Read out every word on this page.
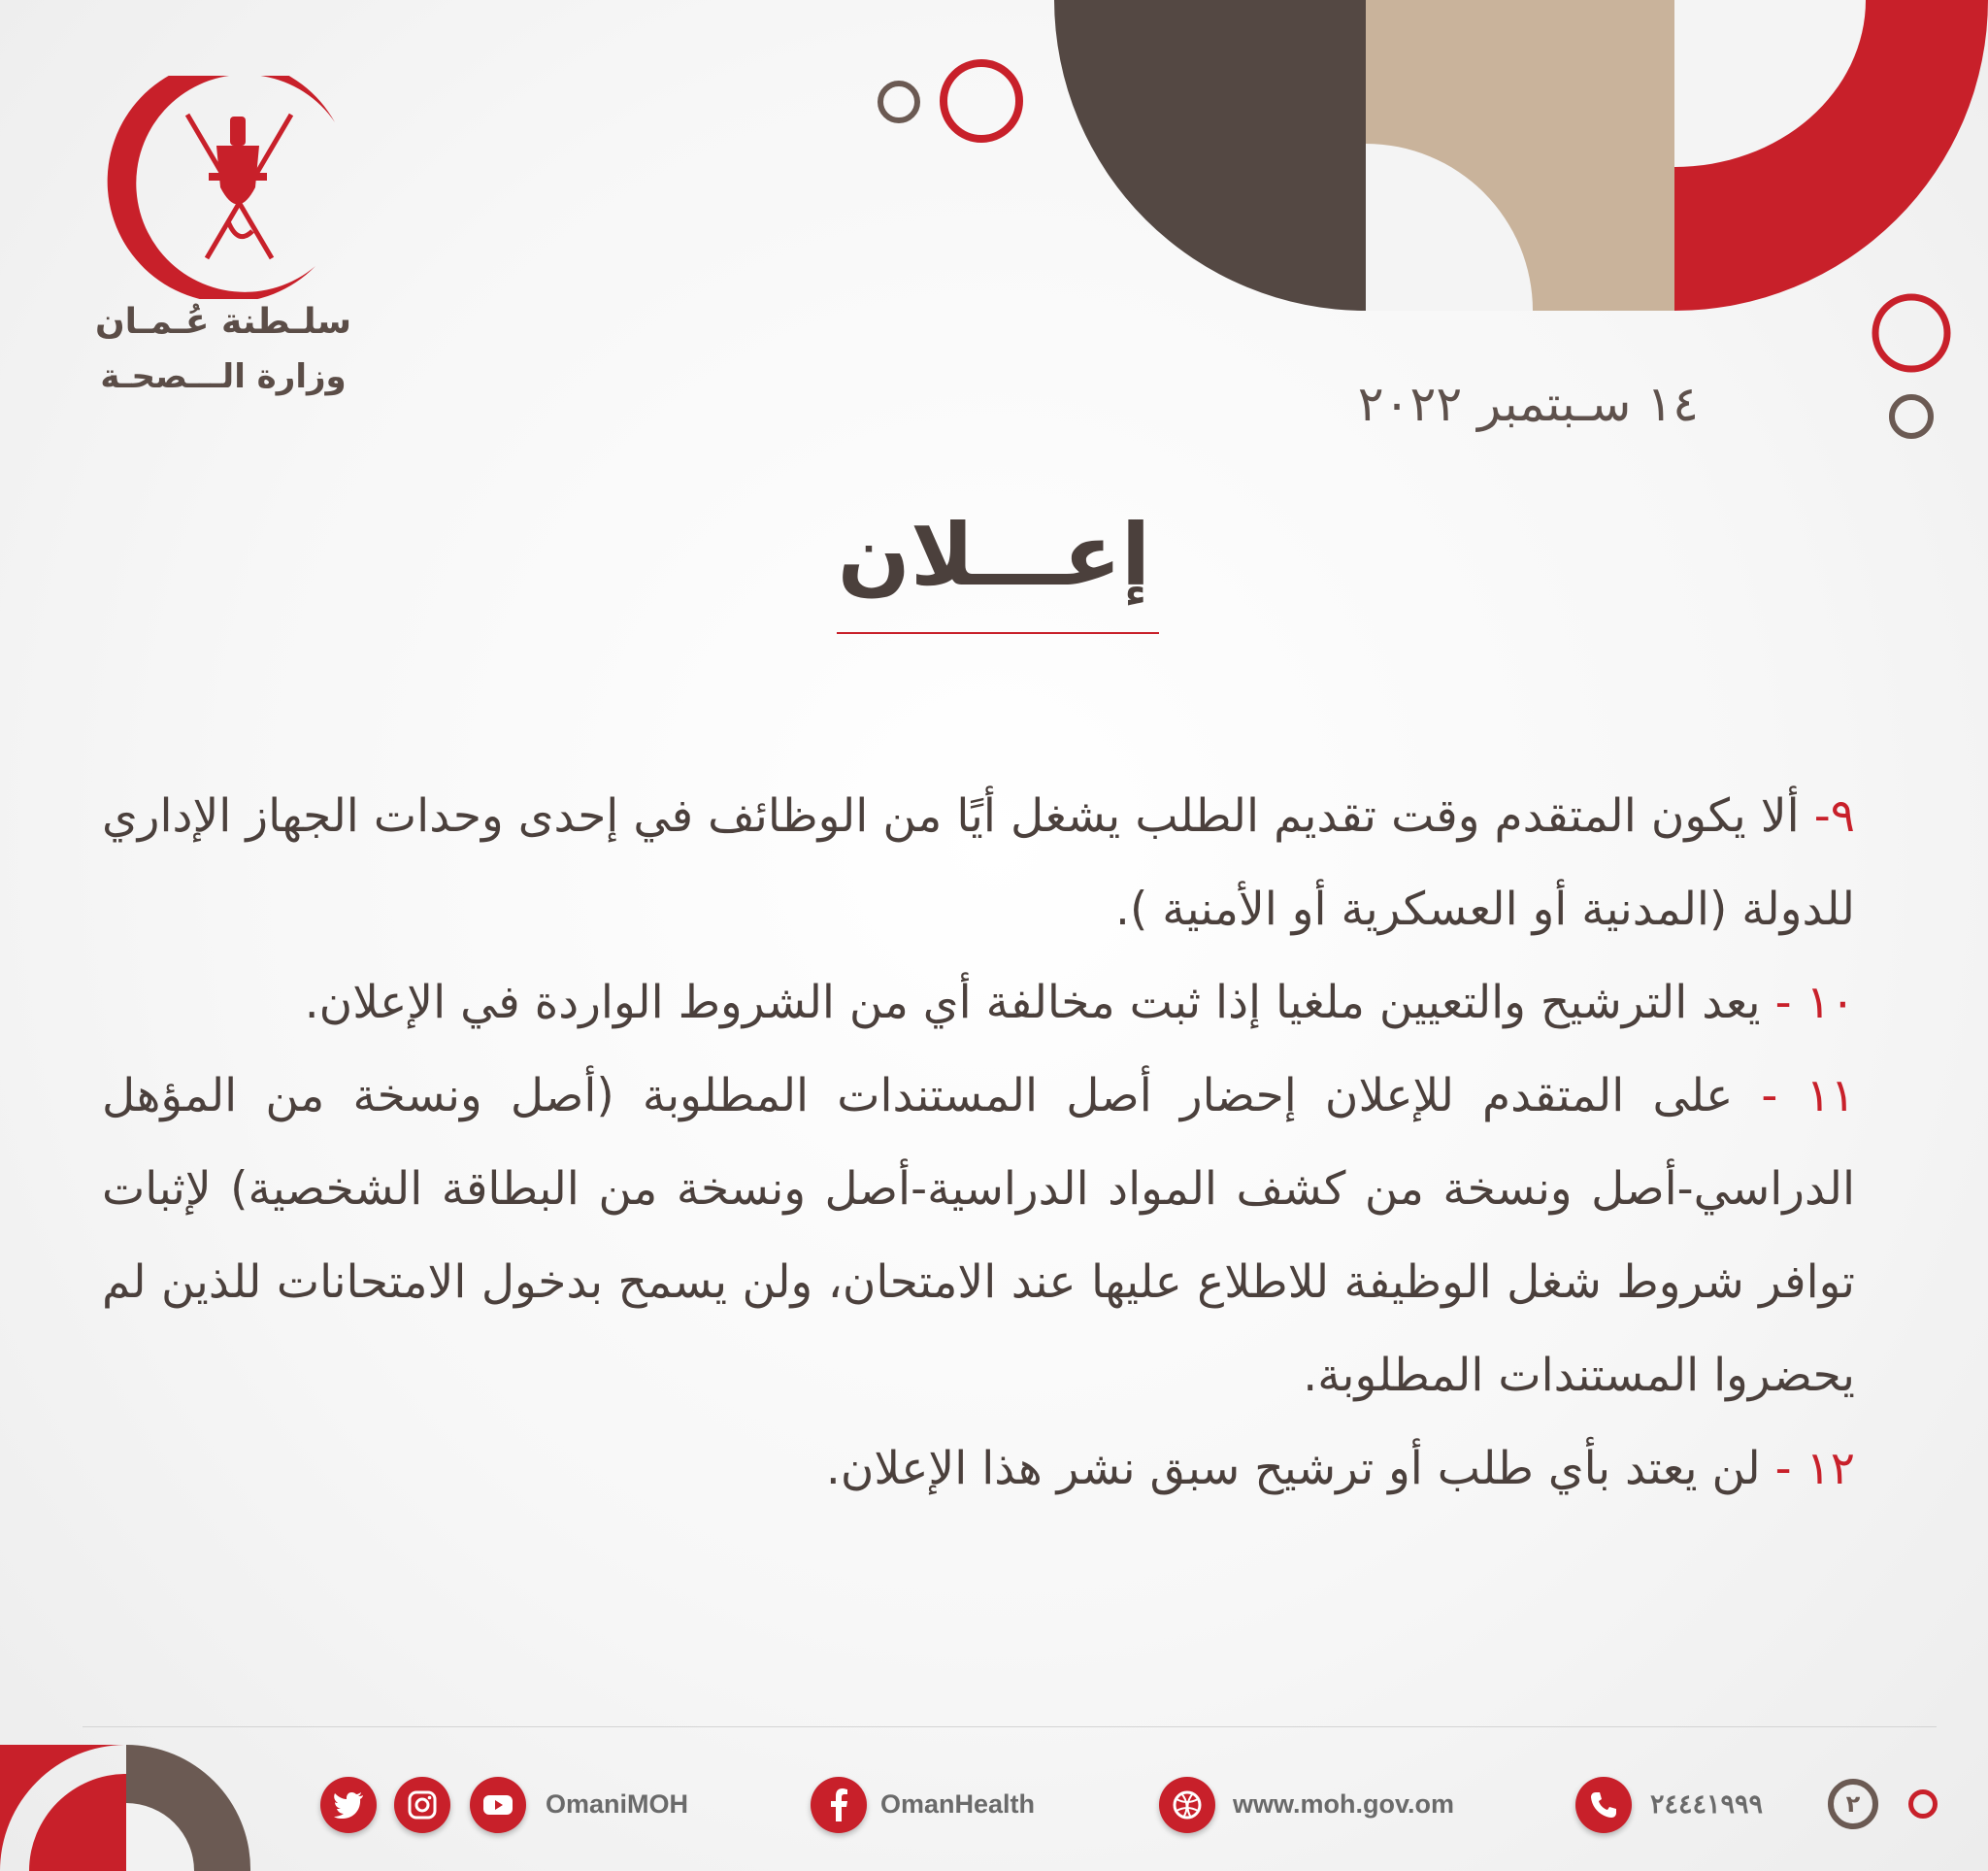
سلـطنة عُـمـان
وزارة الـــصحـة	١٤ سـبتمبر ٢٠٢٢
إعـــلان

٩- ألا يكون المتقدم وقت تقديم الطلب يشغل أيًا من الوظائف في إحدى وحدات الجهاز الإداري للدولة (المدنية أو العسكرية أو الأمنية ).

١٠ - يعد الترشيح والتعيين ملغيا إذا ثبت مخالفة أي من الشروط الواردة في الإعلان.

١١ - على المتقدم للإعلان إحضار أصل المستندات المطلوبة (أصل ونسخة من المؤهل الدراسي-أصل ونسخة من كشف المواد الدراسية-أصل ونسخة من البطاقة الشخصية) لإثبات توافر شروط شغل الوظيفة للاطلاع عليها عند الامتحان، ولن يسمح بدخول الامتحانات للذين لم يحضروا المستندات المطلوبة.

١٢ - لن يعتد بأي طلب أو ترشيح سبق نشر هذا الإعلان.

OmaniMOH	OmanHealth	www.moh.gov.om	٢٤٤٤١٩٩٩	٢
